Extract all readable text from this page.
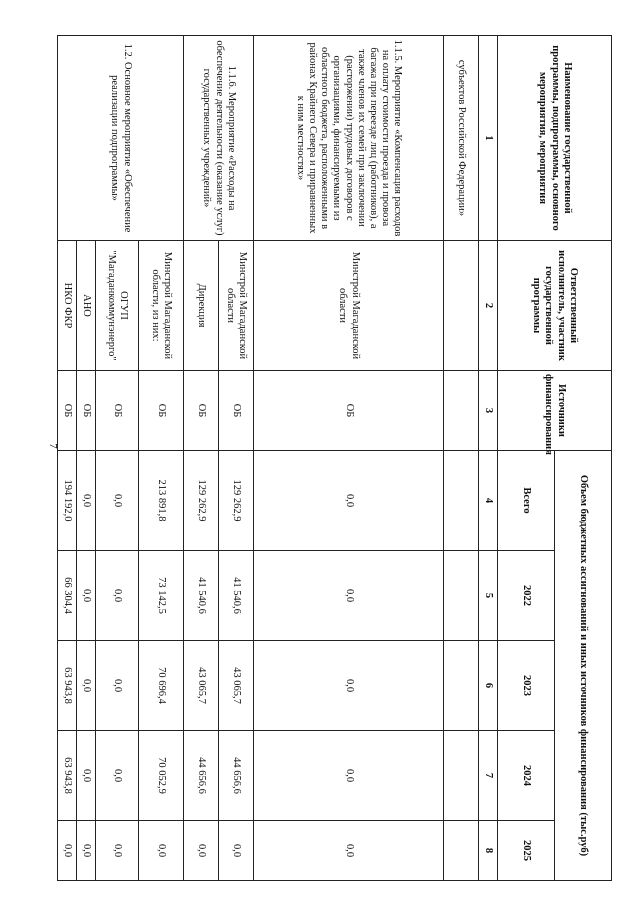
7
Наименование государственной программы, подпрограммы, основного мероприятия, мероприятия	Ответственный исполнитель, участник государственной программы	Источники финансирования	Объем бюджетных ассигнований и иных источников финансирования (тыс.руб)				
			Всего	2022	2023	2024	2025
1	2	3	4	5	6	7	8
субъектов Российской Федерации»							
1.1.5. Мероприятие «Компенсация расходов на оплату стоимости проезда и провоза багажа при переезде лиц (работников), а также членов их семей при заключении (расторжении) трудовых договоров с организациями, финансируемыми из областного бюджета, расположенными в районах Крайнего Севера и приравненных к ним местностях»	Минстрой Магаданской области	ОБ	0,0	0,0	0,0	0,0	0,0
1.1.6. Мероприятие «Расходы на обеспечение деятельности (оказание услуг) государственных учреждений»	Минстрой Магаданской области	ОБ	129 262,9	41 540,6	43 065,7	44 656,6	0,0
	Дирекция	ОБ	129 262,9	41 540,6	43 065,7	44 656,6	0,0
1.2. Основное мероприятие «Обеспечение реализации подпрограммы»	Минстрой Магаданской области, из них:	ОБ	213 891,8	73 142,5	70 696,4	70 052,9	0,0
	ОГУП "Магаданкоммунэнерго"	ОБ	0,0	0,0	0,0	0,0	0,0
	АНО	ОБ	0,0	0,0	0,0	0,0	0,0
	НКО ФКР	ОБ	194 192,0	66 304,4	63 943,8	63 943,8	0,0
